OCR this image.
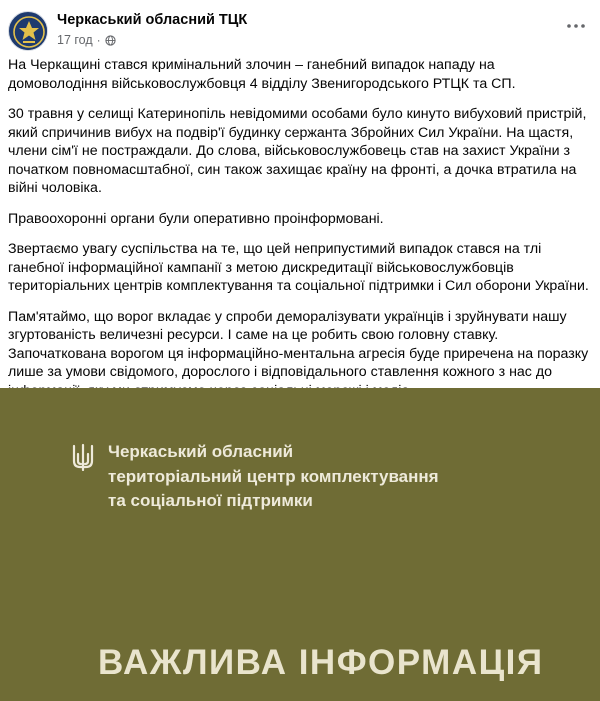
Черкаський обласний ТЦК
17 год ·

На Черкащині стався кримінальний злочин – ганебний випадок нападу на домоволодіння військовослужбовця 4 відділу Звенигородського РТЦК та СП.

30 травня у селищі Катеринопіль невідомими особами було кинуто вибуховий пристрій, який спричинив вибух на подвір'ї будинку сержанта Збройних Сил України. На щастя, члени сім'ї не постраждали. До слова, військовослужбовець став на захист України з початком повномасштабної, син також захищає країну на фронті, а дочка втратила на війні чоловіка.

Правоохоронні органи були оперативно проінформовані.

Звертаємо увагу суспільства на те, що цей неприпустимий випадок стався на тлі ганебної інформаційної кампанії з метою дискредитації військовослужбовців територіальних центрів комплектування та соціальної підтримки і Сил оборони України.

Пам'ятаймо, що ворог вкладає у спроби деморалізувати українців і зруйнувати нашу згуртованість величезні ресурси. І саме на це робить свою головну ставку. Започаткована ворогом ця інформаційно-ментальна агресія буде приречена на поразку лише за умови свідомого, дорослого і відповідального ставлення кожного з нас до

Черкаський обласний
територіальний центр комплектування
та соціальної підтримки
ВАЖЛИВА ІНФОРМАЦІЯ
